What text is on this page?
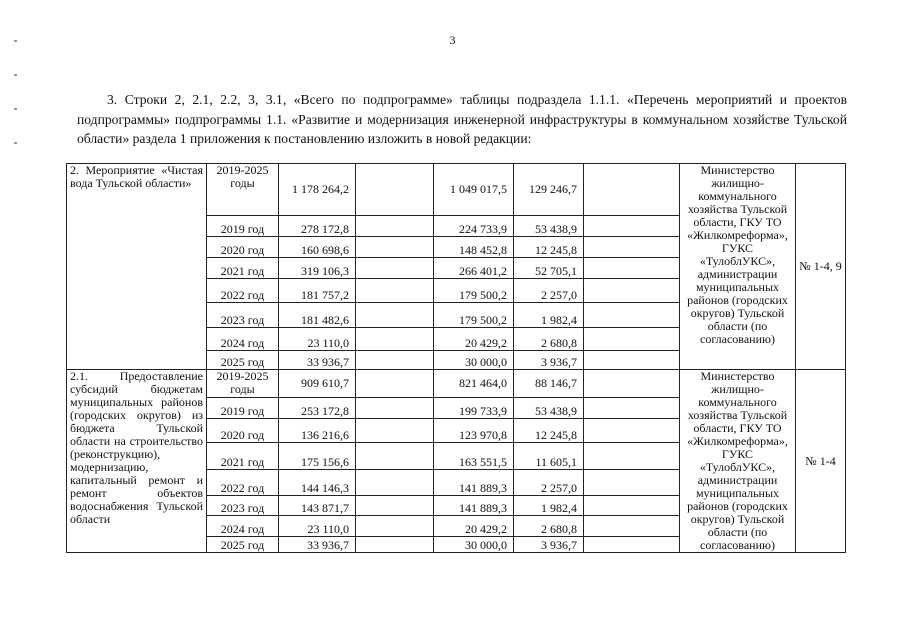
3
3. Строки 2, 2.1, 2.2, 3, 3.1, «Всего по подпрограмме» таблицы подраздела 1.1.1. «Перечень мероприятий и проектов подпрограммы» подпрограммы 1.1. «Развитие и модернизация инженерной инфраструктуры в коммунальном хозяйстве Тульской области» раздела 1 приложения к постановлению изложить в новой редакции:
2. Мероприятие «Чистая вода Тульской области»	2019-2025 годы	1 178 264,2		1 049 017,5	129 246,7		Министерство жилищно-коммунального хозяйства Тульской области, ГКУ ТО «Жилкомреформа», ГУКС «ТулоблУКС», администрации муниципальных районов (городских округов) Тульской области (по согласованию)	№ 1-4, 9
	2019 год	278 172,8		224 733,9	53 438,9			
	2020 год	160 698,6		148 452,8	12 245,8			
	2021 год	319 106,3		266 401,2	52 705,1			
	2022 год	181 757,2		179 500,2	2 257,0			
	2023 год	181 482,6		179 500,2	1 982,4			
	2024 год	23 110,0		20 429,2	2 680,8			
	2025 год	33 936,7		30 000,0	3 936,7			
2.1. Предоставление субсидий бюджетам муниципальных районов (городских округов) из бюджета Тульской области на строительство (реконструкцию), модернизацию, капитальный ремонт и ремонт объектов водоснабжения Тульской области	2019-2025 годы	909 610,7		821 464,0	88 146,7		Министерство жилищно-коммунального хозяйства Тульской области, ГКУ ТО «Жилкомреформа», ГУКС «ТулоблУКС», администрации муниципальных районов (городских округов) Тульской области (по согласованию)	№ 1-4
	2019 год	253 172,8		199 733,9	53 438,9			
	2020 год	136 216,6		123 970,8	12 245,8			
	2021 год	175 156,6		163 551,5	11 605,1			
	2022 год	144 146,3		141 889,3	2 257,0			
	2023 год	143 871,7		141 889,3	1 982,4			
	2024 год	23 110,0		20 429,2	2 680,8			
	2025 год	33 936,7		30 000,0	3 936,7			
